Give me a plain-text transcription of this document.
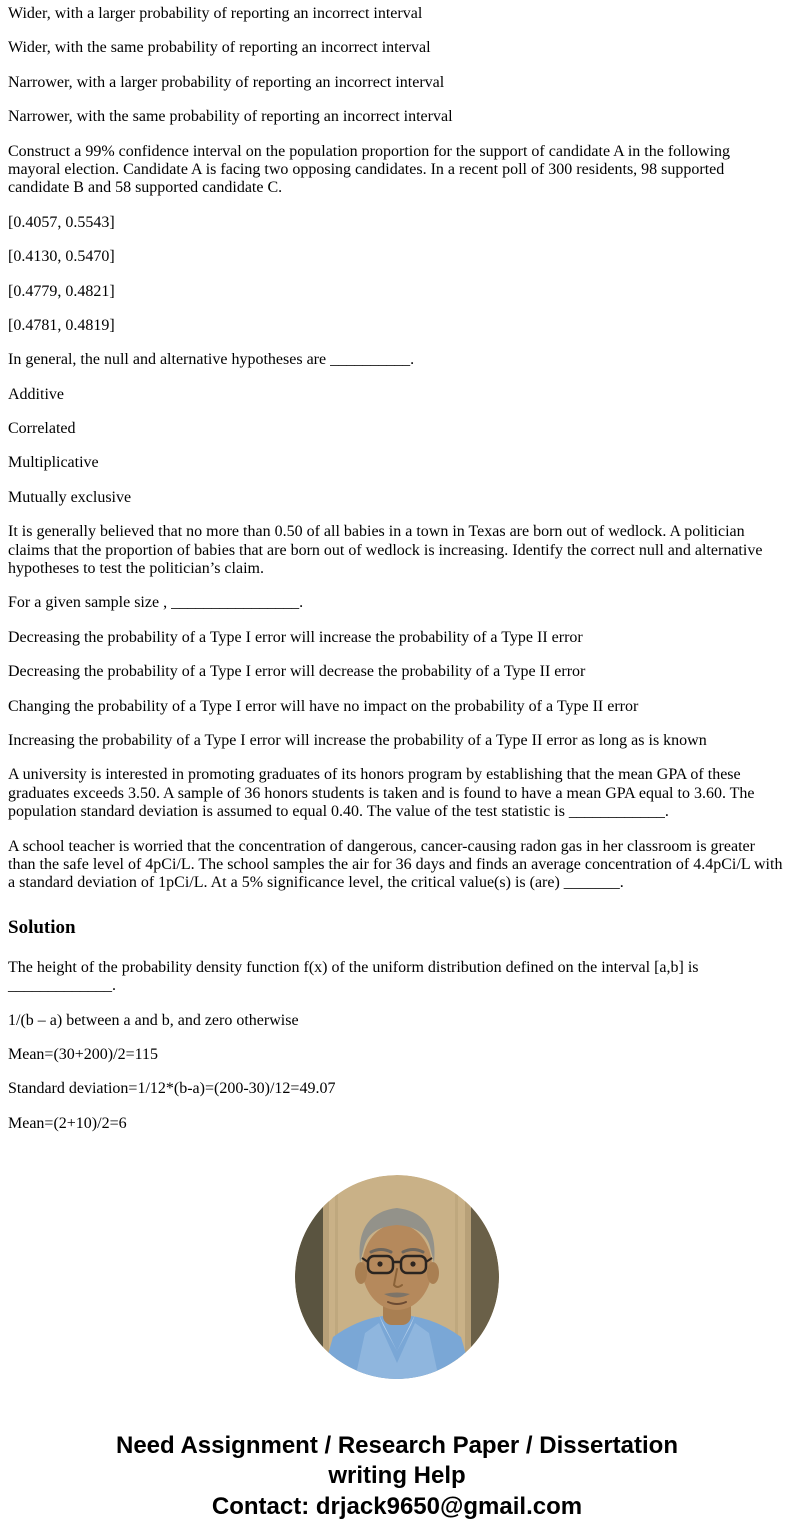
Wider, with a larger probability of reporting an incorrect interval

Wider, with the same probability of reporting an incorrect interval

Narrower, with a larger probability of reporting an incorrect interval

Narrower, with the same probability of reporting an incorrect interval

Construct a 99% confidence interval on the population proportion for the support of candidate A in the following mayoral election. Candidate A is facing two opposing candidates. In a recent poll of 300 residents, 98 supported candidate B and 58 supported candidate C.

[0.4057, 0.5543]

[0.4130, 0.5470]

[0.4779, 0.4821]

[0.4781, 0.4819]

In general, the null and alternative hypotheses are __________.

Additive

Correlated

Multiplicative

Mutually exclusive

It is generally believed that no more than 0.50 of all babies in a town in Texas are born out of wedlock. A politician claims that the proportion of babies that are born out of wedlock is increasing. Identify the correct null and alternative hypotheses to test the politician’s claim.

For a given sample size , ________________.

Decreasing the probability of a Type I error will increase the probability of a Type II error

Decreasing the probability of a Type I error will decrease the probability of a Type II error

Changing the probability of a Type I error will have no impact on the probability of a Type II error

Increasing the probability of a Type I error will increase the probability of a Type II error as long as is known

A university is interested in promoting graduates of its honors program by establishing that the mean GPA of these graduates exceeds 3.50. A sample of 36 honors students is taken and is found to have a mean GPA equal to 3.60. The population standard deviation is assumed to equal 0.40. The value of the test statistic is ____________.

A school teacher is worried that the concentration of dangerous, cancer-causing radon gas in her classroom is greater than the safe level of 4pCi/L. The school samples the air for 36 days and finds an average concentration of 4.4pCi/L with a standard deviation of 1pCi/L. At a 5% significance level, the critical value(s) is (are) _______.

Solution

The height of the probability density function f(x) of the uniform distribution defined on the interval [a,b] is _____________.

1/(b – a) between a and b, and zero otherwise

Mean=(30+200)/2=115

Standard deviation=1/12*(b-a)=(200-30)/12=49.07

Mean=(2+10)/2=6

Need Assignment / Research Paper / Dissertation
writing Help
Contact: drjack9650@gmail.com
